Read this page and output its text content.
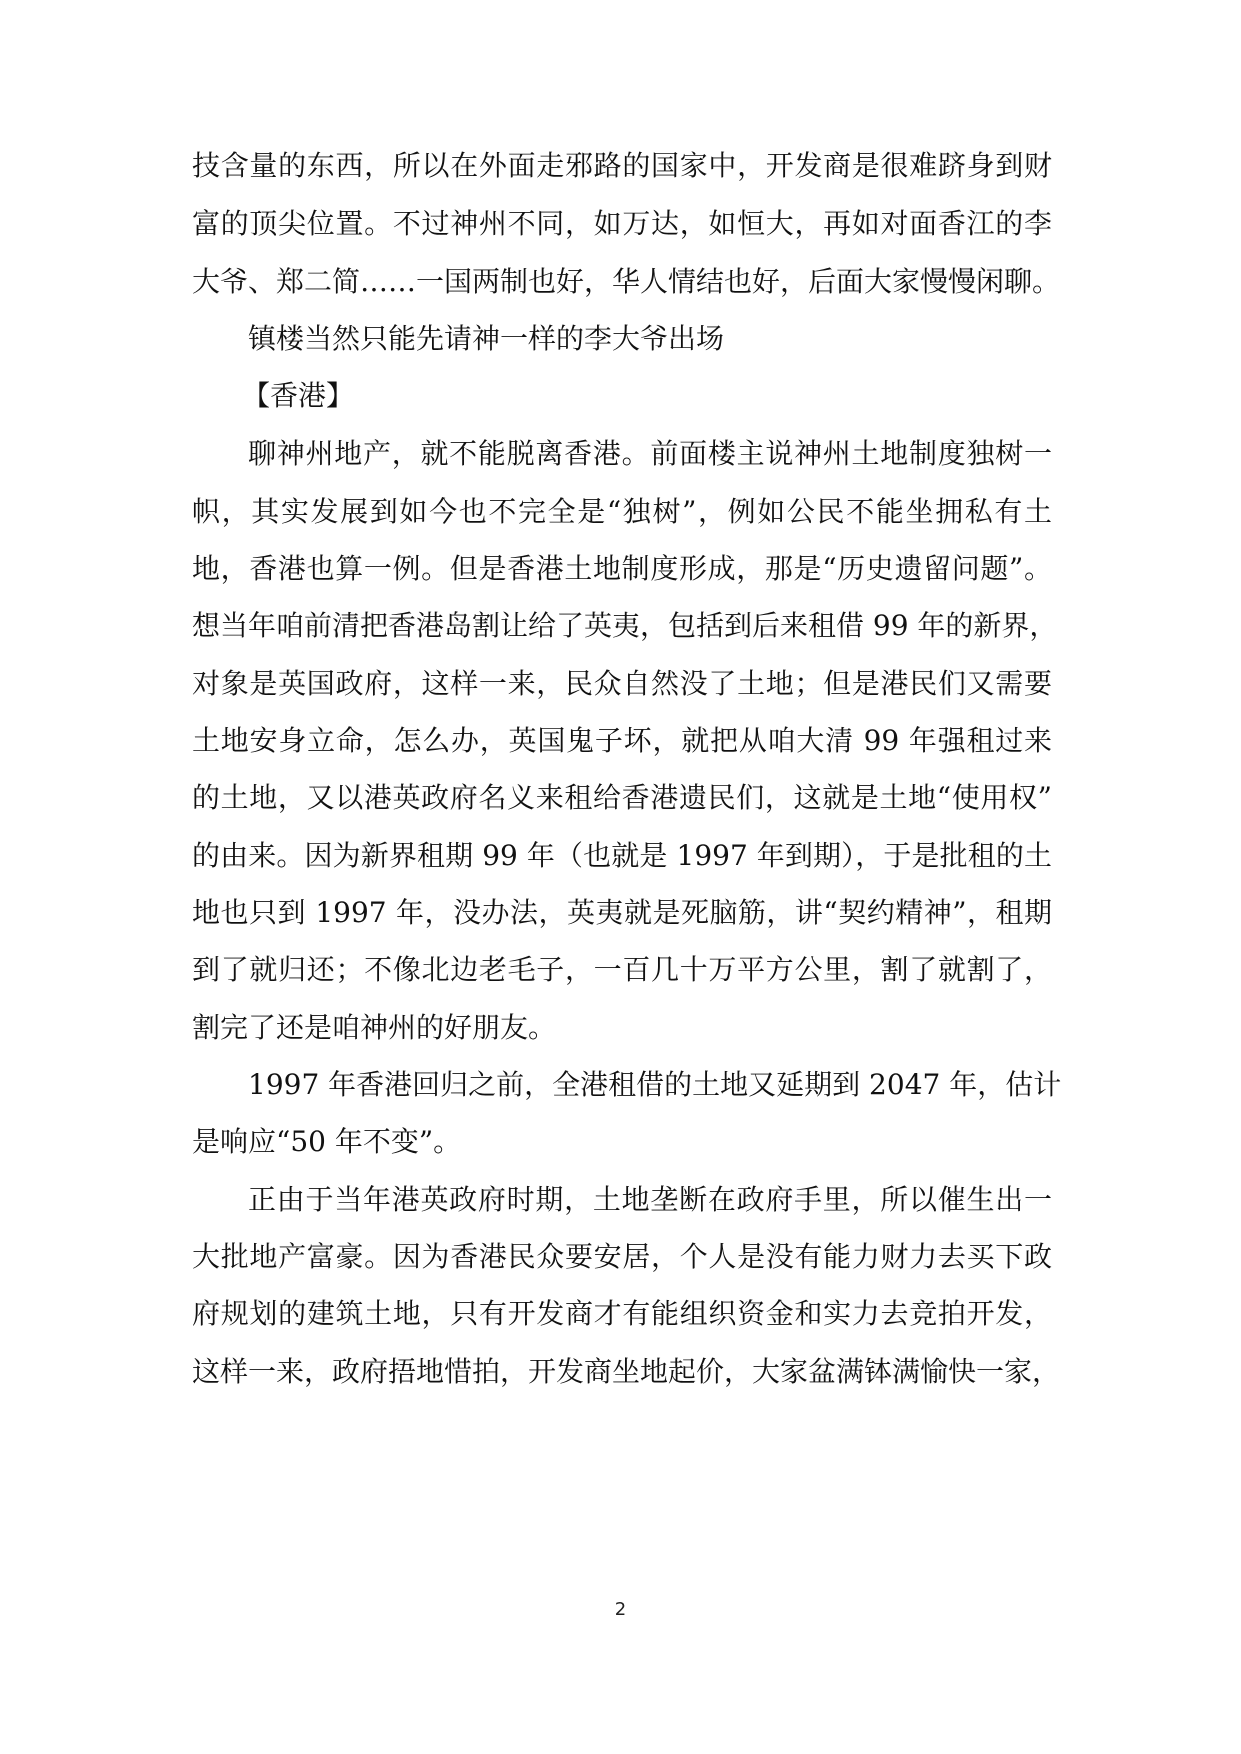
技含量的东西，所以在外面走邪路的国家中，开发商是很难跻身到财
富的顶尖位置。不过神州不同，如万达，如恒大，再如对面香江的李
大爷、郑二简……一国两制也好，华人情结也好，后面大家慢慢闲聊。
镇楼当然只能先请神一样的李大爷出场
【香港】
聊神州地产，就不能脱离香港。前面楼主说神州土地制度独树一
帜，其实发展到如今也不完全是“独树”，例如公民不能坐拥私有土
地，香港也算一例。但是香港土地制度形成，那是“历史遗留问题”。
想当年咱前清把香港岛割让给了英夷，包括到后来租借 99 年的新界，
对象是英国政府，这样一来，民众自然没了土地；但是港民们又需要
土地安身立命，怎么办，英国鬼子坏，就把从咱大清 99 年强租过来
的土地，又以港英政府名义来租给香港遗民们，这就是土地“使用权”
的由来。因为新界租期 99 年（也就是 1997 年到期），于是批租的土
地也只到 1997 年，没办法，英夷就是死脑筋，讲“契约精神”，租期
到了就归还；不像北边老毛子，一百几十万平方公里，割了就割了，
割完了还是咱神州的好朋友。
1997 年香港回归之前，全港租借的土地又延期到 2047 年，估计
是响应“50 年不变”。
正由于当年港英政府时期，土地垄断在政府手里，所以催生出一
大批地产富豪。因为香港民众要安居，个人是没有能力财力去买下政
府规划的建筑土地，只有开发商才有能组织资金和实力去竞拍开发，
这样一来，政府捂地惜拍，开发商坐地起价，大家盆满钵满愉快一家，
2
